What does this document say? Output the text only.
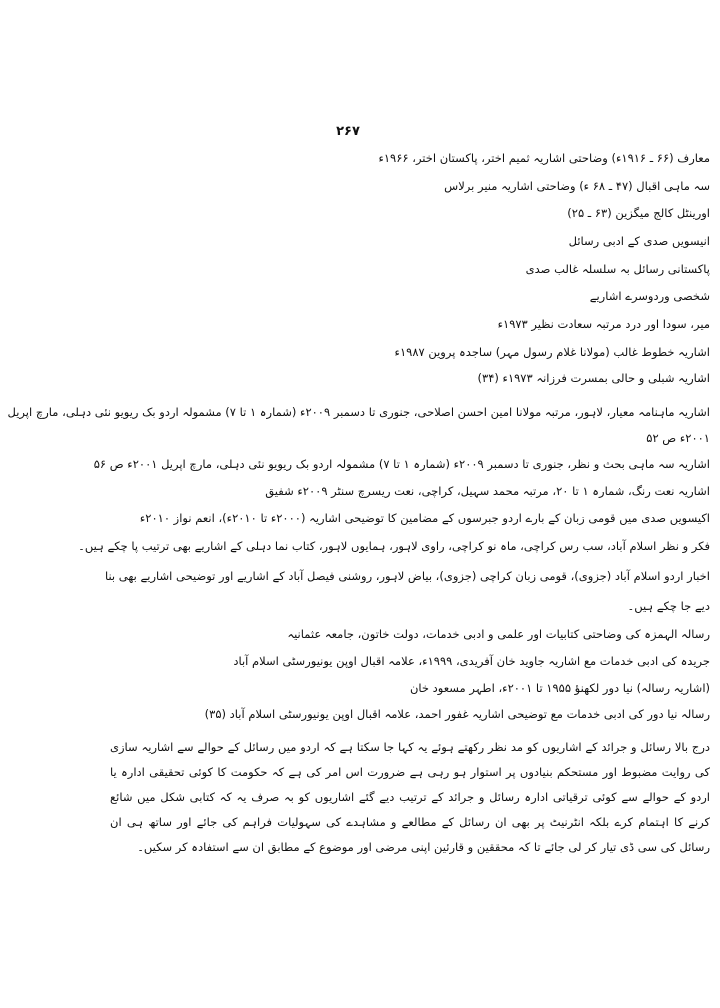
۲۶۷
معارف (۶۶ ـ ۱۹۱۶ء) وضاحتی اشاریہ ثمیم اختر، پاکستان اختر، ۱۹۶۶ء
سہ ماہی اقبال (۴۷ ـ ۶۸ ء) وضاحتی اشاریہ منیر برلاس
اورینٹل کالج میگزین (۶۳ ـ ۲۵)
انیسویں صدی کے ادبی رسائل
پاکستانی رسائل بہ سلسلہ غالب صدی
شخصی وردوسرے اشاریے
میر، سودا اور درد مرتبہ سعادت نظیر ۱۹۷۳ء
اشاریہ خطوط غالب (مولانا غلام رسول مہر) ساجدہ پروین ۱۹۸۷ء
اشاریہ شبلی و حالی بمسرت فرزانہ ۱۹۷۳ء (۳۴)
اشاریہ ماہنامہ معیار، لاہور، مرتبہ مولانا امین احسن اصلاحی، جنوری تا دسمبر ۲۰۰۹ء (شمارہ ۱ تا ۷) مشمولہ اردو بک ریویو نئی دہلی، مارچ اپریل
۲۰۰۱ء ص ۵۲
اشاریہ سہ ماہی بحث و نظر، جنوری تا دسمبر ۲۰۰۹ء (شمارہ ۱ تا ۷) مشمولہ اردو بک ریویو نئی دہلی، مارچ اپریل ۲۰۰۱ء ص ۵۶
اشاریہ نعت رنگ، شمارہ ۱ تا ۲۰، مرتبہ محمد سہیل، کراچی، نعت ریسرچ سنٹر ۲۰۰۹ء شفیق
اکیسویں صدی میں قومی زبان کے بارے اردو جبرسوں کے مضامین کا توضیحی اشاریہ (۲۰۰۰ء تا ۲۰۱۰ء)، انعم نواز ۲۰۱۰ء
فکر و نظر اسلام آباد، سب رس کراچی، ماہ نو کراچی، راوی لاہور، ہمایوں لاہور، کتاب نما دہلی کے اشاریے بھی ترتیب پا چکے ہیں۔
اخبار اردو اسلام آباد (جزوی)، قومی زبان کراچی (جزوی)، بیاض لاہور، روشنی فیصل آباد کے اشاریے اور توضیحی اشاریے بھی بنا
دیے جا چکے ہیں۔
رسالہ الہمزہ کی وضاحتی کتابیات اور علمی و ادبی خدمات، دولت خاتون، جامعہ عثمانیہ
جریدہ کی ادبی خدمات مع اشاریہ جاوید خان آفریدی، ۱۹۹۹ء، علامہ اقبال اوپن یونیورسٹی اسلام آباد
(اشاریہ رسالہ) نیا دور لکھنؤ ۱۹۵۵ تا ۲۰۰۱ء، اطہر مسعود خان
رسالہ نیا دور کی ادبی خدمات مع توضیحی اشاریہ غفور احمد، علامہ اقبال اوپن یونیورسٹی اسلام آباد (۳۵)
درج بالا رسائل و جرائد کے اشاریوں کو مد نظر رکھتے ہوئے یہ کہا جا سکتا ہے کہ اردو میں رسائل کے حوالے سے اشاریہ سازی کی روایت مضبوط اور مستحکم بنیادوں پر استوار ہو رہی ہے ضرورت اس امر کی ہے کہ حکومت کا کوئی تحقیقی ادارہ یا اردو کے حوالے سے کوئی ترقیاتی ادارہ رسائل و جرائد کے ترتیب دیے گئے اشاریوں کو بہ صرف یہ کہ کتابی شکل میں شائع کرنے کا اہتمام کرے بلکہ انٹرنیٹ پر بھی ان رسائل کے مطالعے و مشاہدے کی سہولیات فراہم کی جائے اور ساتھ ہی ان رسائل کی سی ڈی تیار کر لی جائے تا کہ محققین و قارئین اپنی مرضی اور موضوع کے مطابق ان سے استفادہ کر سکیں۔
